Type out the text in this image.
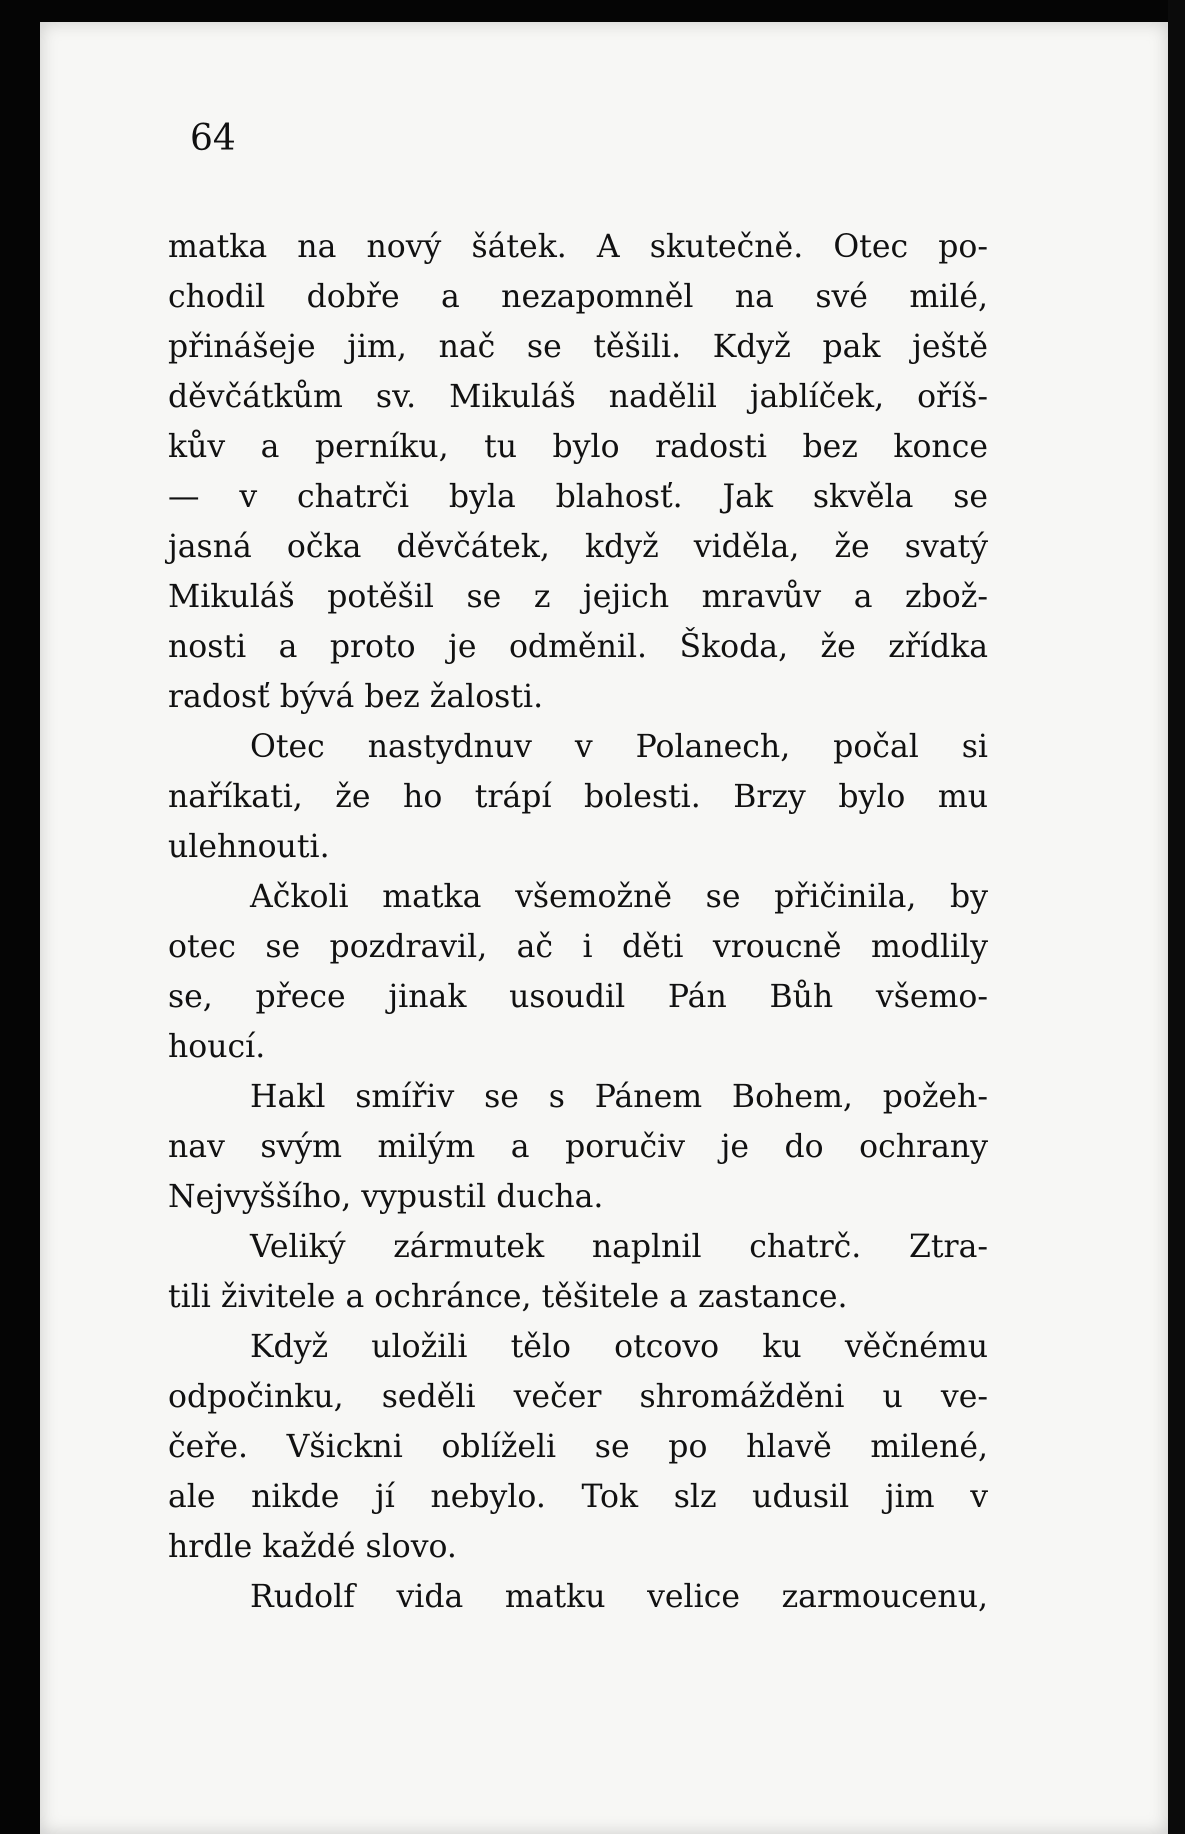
64
matka na nový šátek. A skutečně. Otec po-
chodil dobře a nezapomněl na své milé,
přinášeje jim, nač se těšili. Když pak ještě
děvčátkům sv. Mikuláš nadělil jablíček, oříš-
kův a perníku, tu bylo radosti bez konce
— v chatrči byla blahosť. Jak skvěla se
jasná očka děvčátek, když viděla, že svatý
Mikuláš potěšil se z jejich mravův a zbož-
nosti a proto je odměnil. Škoda, že zřídka
radosť bývá bez žalosti.
Otec nastydnuv v Polanech, počal si
naříkati, že ho trápí bolesti. Brzy bylo mu
ulehnouti.
Ačkoli matka všemožně se přičinila, by
otec se pozdravil, ač i děti vroucně modlily
se, přece jinak usoudil Pán Bůh všemo-
houcí.
Hakl smířiv se s Pánem Bohem, požeh-
nav svým milým a poručiv je do ochrany
Nejvyššího, vypustil ducha.
Veliký zármutek naplnil chatrč. Ztra-
tili živitele a ochránce, těšitele a zastance.
Když uložili tělo otcovo ku věčnému
odpočinku, seděli večer shromážděni u ve-
čeře. Všickni oblíželi se po hlavě milené,
ale nikde jí nebylo. Tok slz udusil jim v
hrdle každé slovo.
Rudolf vida matku velice zarmoucenu,
